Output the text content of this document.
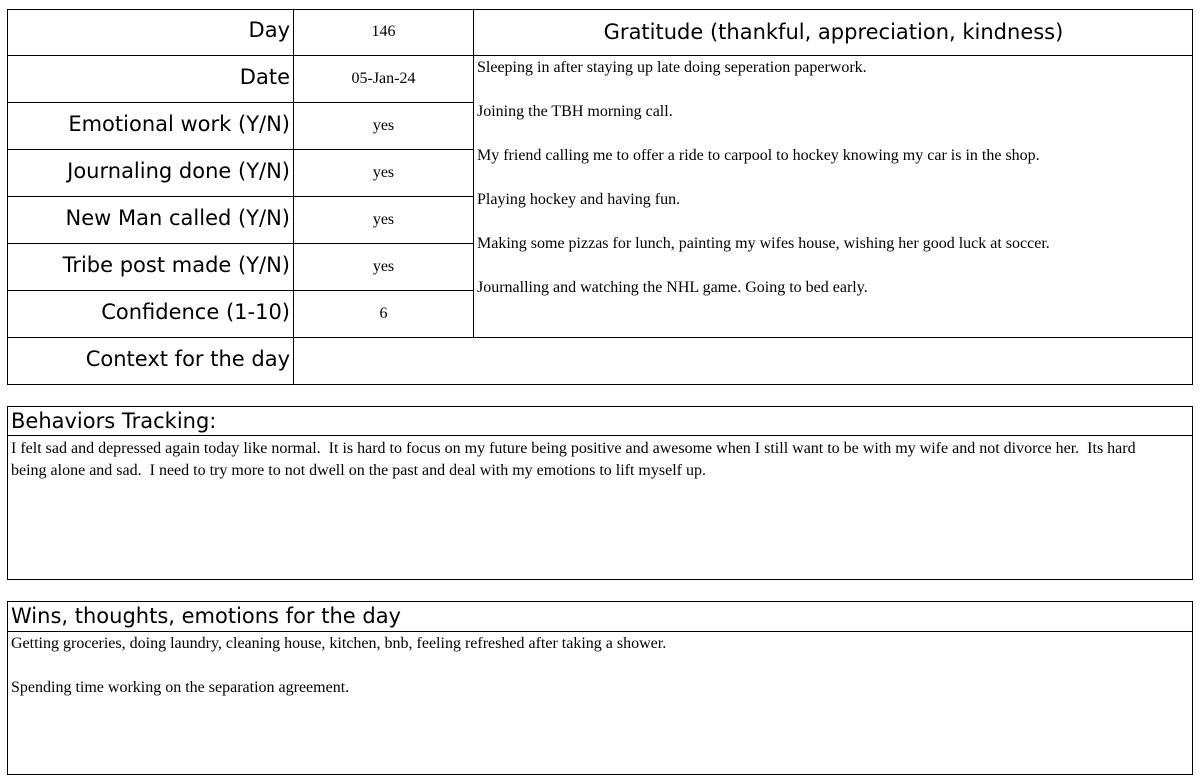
Day
Date
Emotional work (Y/N)
Journaling done (Y/N)
New Man called (Y/N)
Tribe post made (Y/N)
Confidence (1-10)
Context for the day
146
05-Jan-24
yes
yes
yes
yes
6
Gratitude (thankful, appreciation, kindness)
Sleeping in after staying up late doing seperation paperwork.
Joining the TBH morning call.
My friend calling me to offer a ride to carpool to hockey knowing my car is in the shop.
Playing hockey and having fun.
Making some pizzas for lunch, painting my wifes house, wishing her good luck at soccer.
Journalling and watching the NHL game. Going to bed early.
Behaviors Tracking:
I felt sad and depressed again today like normal.  It is hard to focus on my future being positive and awesome when I still want to be with my wife and not divorce her.  Its hard
being alone and sad.  I need to try more to not dwell on the past and deal with my emotions to lift myself up.
Wins, thoughts, emotions for the day
Getting groceries, doing laundry, cleaning house, kitchen, bnb, feeling refreshed after taking a shower.
Spending time working on the separation agreement.
